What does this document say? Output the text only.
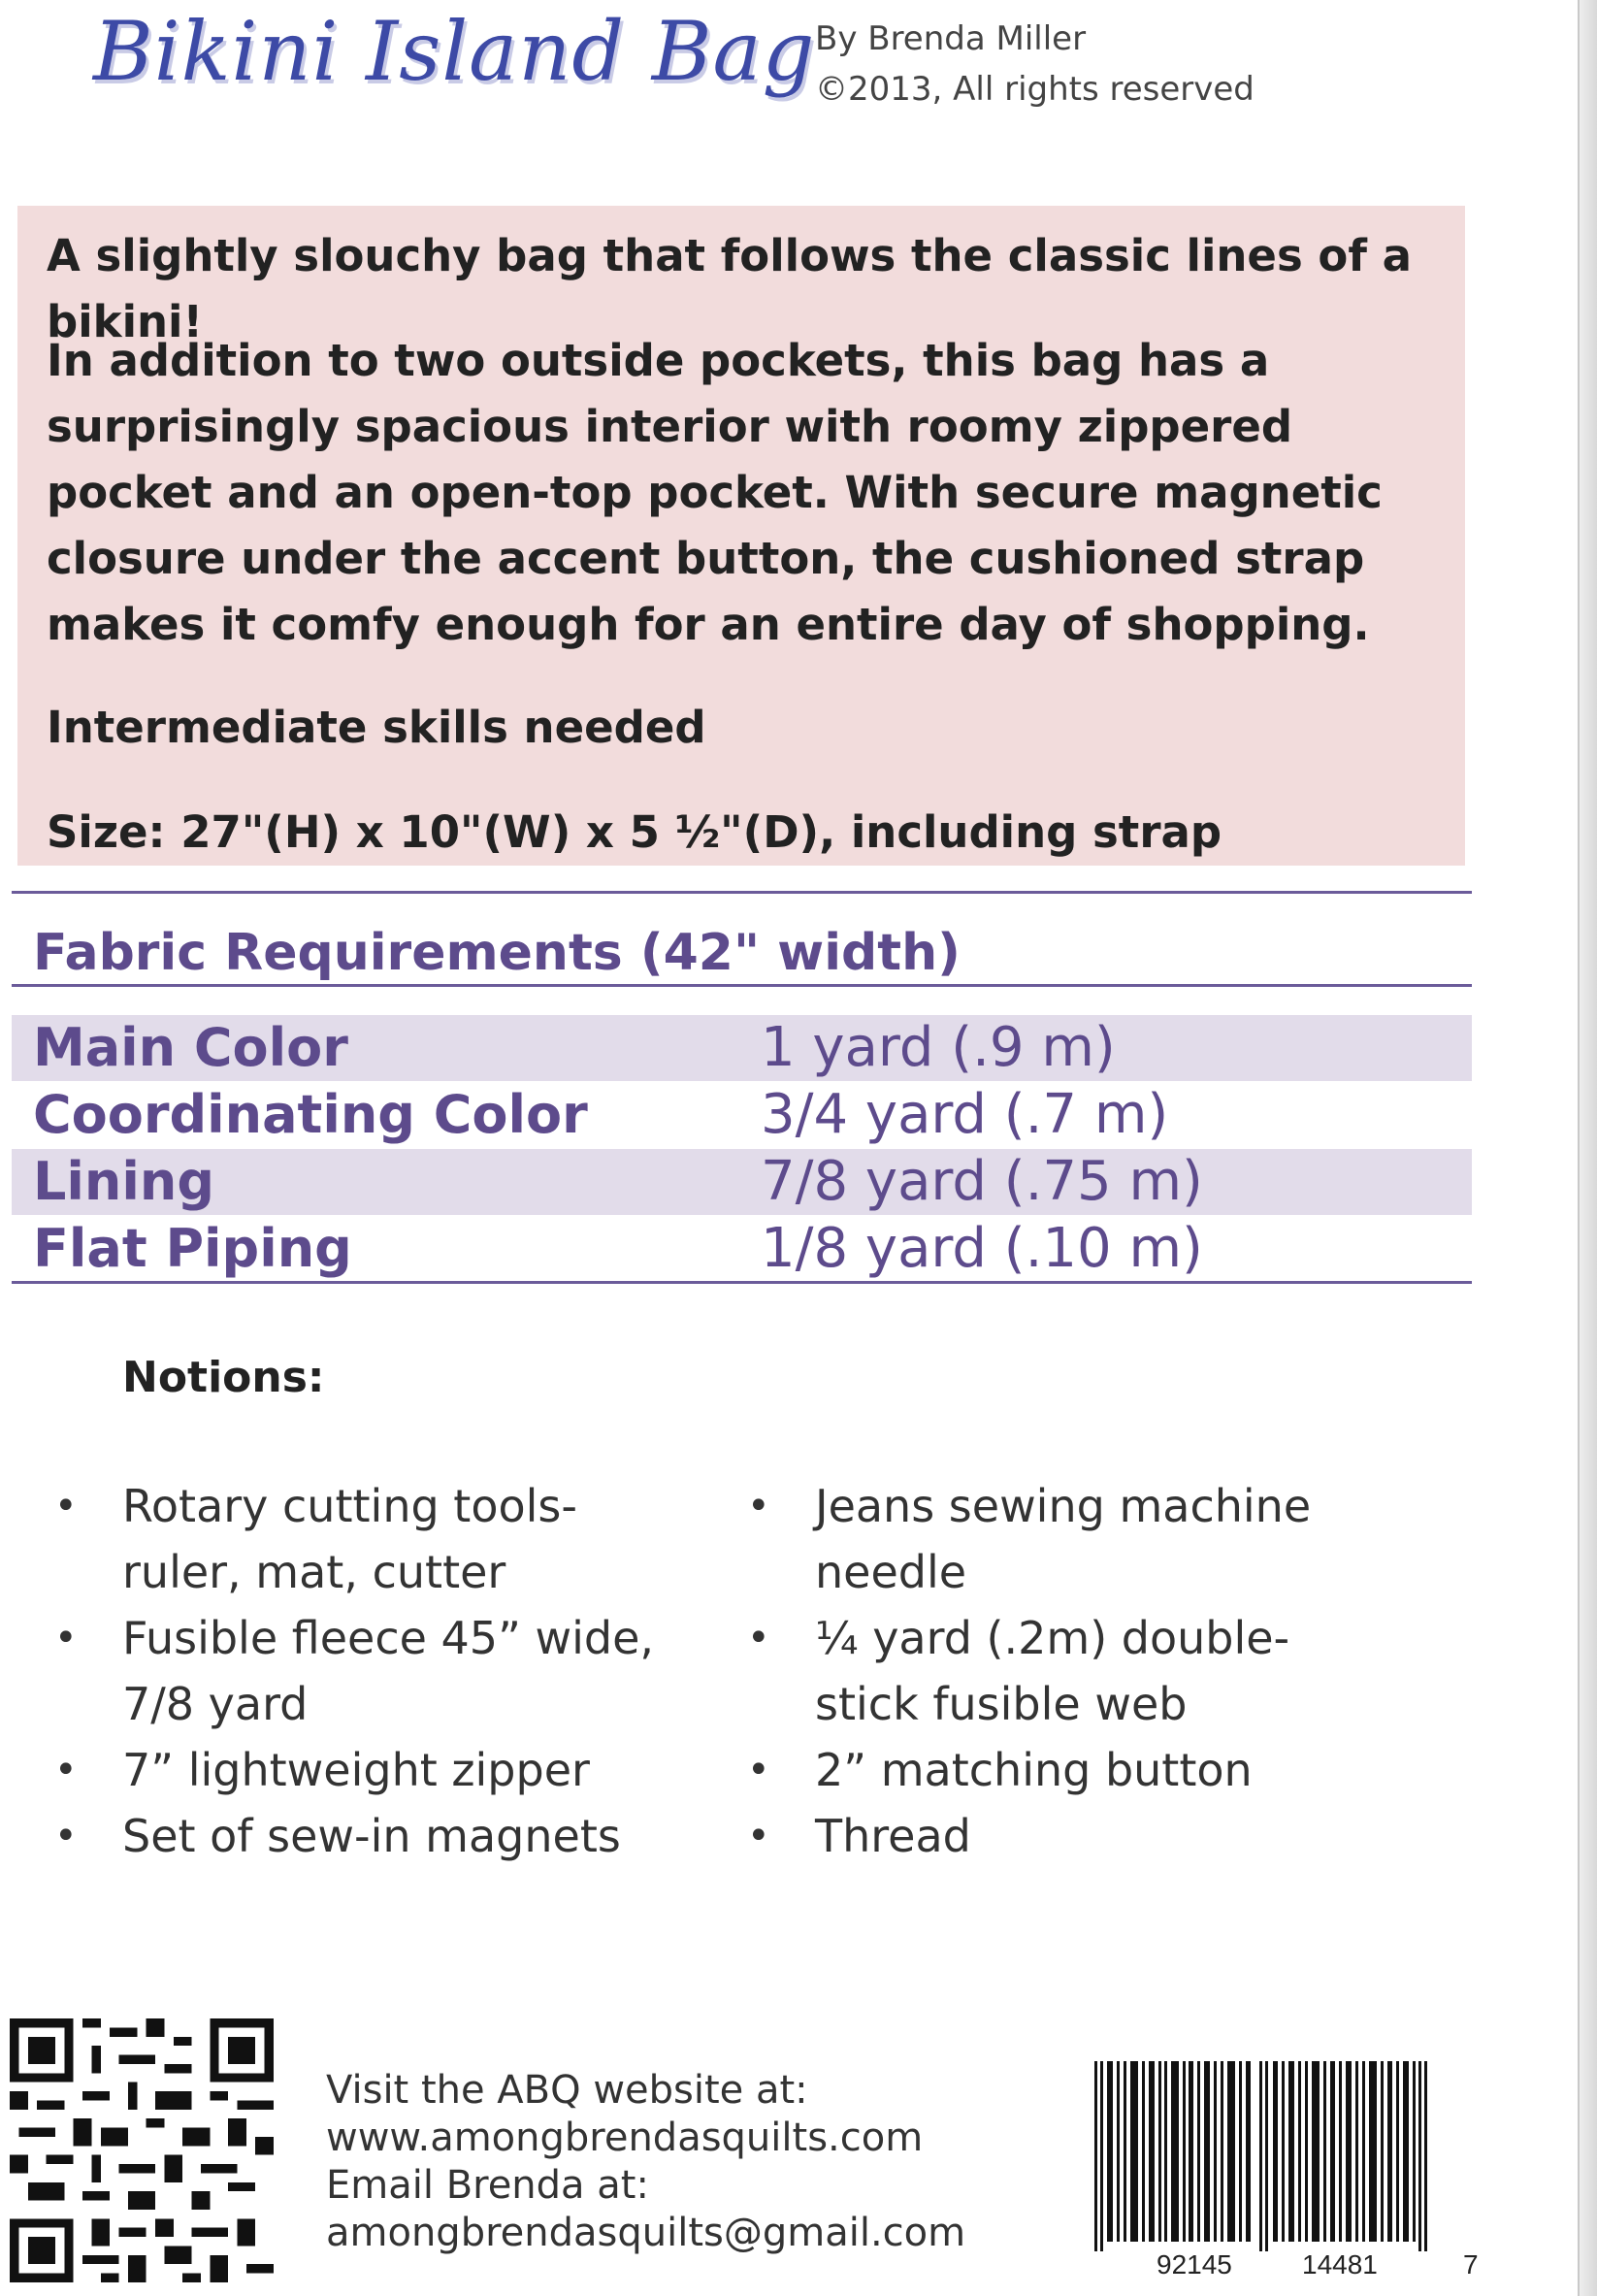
Bikini Island Bag By Brenda Miller
©2013, All rights reserved

A slightly slouchy bag that follows the classic lines of a bikini!

In addition to two outside pockets, this bag has a surprisingly spacious interior with roomy zippered pocket and an open-top pocket. With secure magnetic closure under the accent button, the cushioned strap makes it comfy enough for an entire day of shopping.

Intermediate skills needed

Size: 27"(H) x 10"(W) x 5 ½"(D), including strap

Fabric Requirements (42" width)
Main Color	1 yard (.9 m)
Coordinating Color	3/4 yard (.7 m)
Lining	7/8 yard (.75 m)
Flat Piping	1/8 yard (.10 m)
Notions:
• Rotary cutting tools-ruler, mat, cutter
• Fusible fleece 45” wide, 7/8 yard
• 7” lightweight zipper
• Set of sew-in magnets
• Jeans sewing machine needle
• ¼ yard (.2m) double-stick fusible web
• 2” matching button
• Thread
Visit the ABQ website at:
www.amongbrendasquilts.com
Email Brenda at:
amongbrendasquilts@gmail.com
92145	14481	7
